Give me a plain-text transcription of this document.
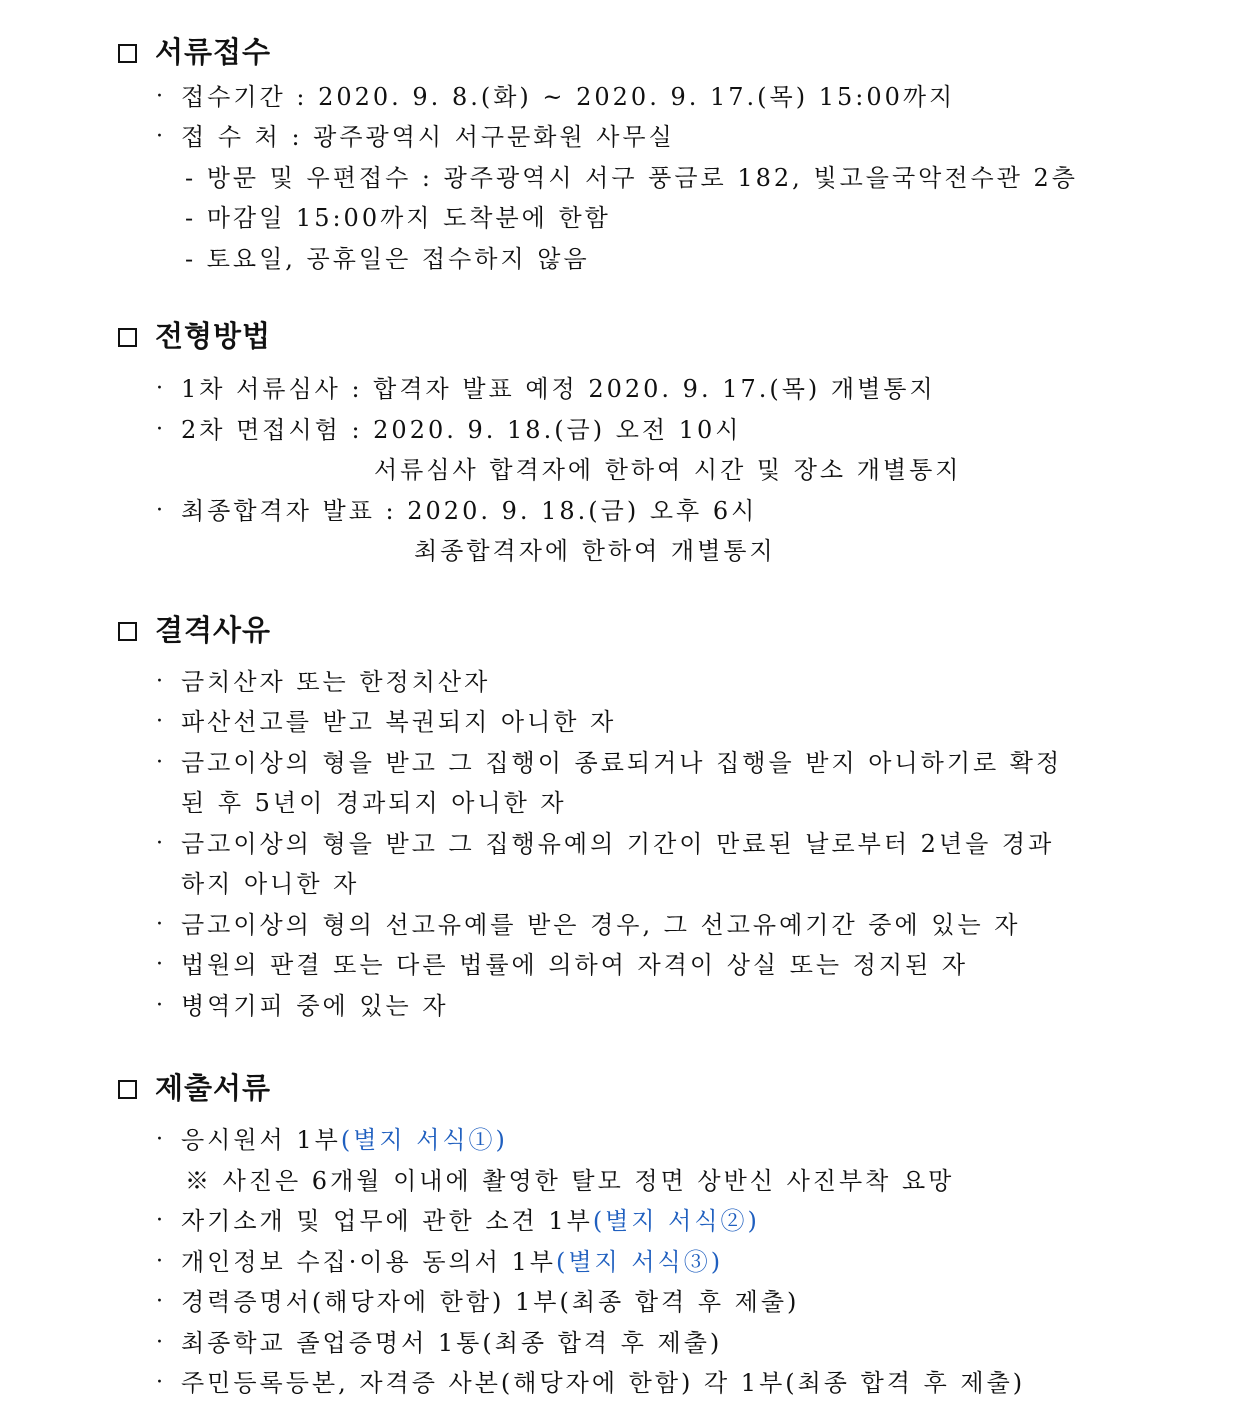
서류접수
· 접수기간 : 2020. 9. 8.(화) ~ 2020. 9. 17.(목) 15:00까지
· 접 수 처 : 광주광역시 서구문화원 사무실
- 방문 및 우편접수 : 광주광역시 서구 풍금로 182, 빛고을국악전수관 2층
- 마감일 15:00까지 도착분에 한함
- 토요일, 공휴일은 접수하지 않음
전형방법
· 1차 서류심사 : 합격자 발표 예정 2020. 9. 17.(목) 개별통지
· 2차 면접시험 : 2020. 9. 18.(금) 오전 10시
서류심사 합격자에 한하여 시간 및 장소 개별통지
· 최종합격자 발표 : 2020. 9. 18.(금) 오후 6시
최종합격자에 한하여 개별통지
결격사유
· 금치산자 또는 한정치산자
· 파산선고를 받고 복권되지 아니한 자
· 금고이상의 형을 받고 그 집행이 종료되거나 집행을 받지 아니하기로 확정
된 후 5년이 경과되지 아니한 자
· 금고이상의 형을 받고 그 집행유예의 기간이 만료된 날로부터 2년을 경과
하지 아니한 자
· 금고이상의 형의 선고유예를 받은 경우, 그 선고유예기간 중에 있는 자
· 법원의 판결 또는 다른 법률에 의하여 자격이 상실 또는 정지된 자
· 병역기피 중에 있는 자
제출서류
· 응시원서 1부(별지 서식①)
※ 사진은 6개월 이내에 촬영한 탈모 정면 상반신 사진부착 요망
· 자기소개 및 업무에 관한 소견 1부(별지 서식②)
· 개인정보 수집·이용 동의서 1부(별지 서식③)
· 경력증명서(해당자에 한함) 1부(최종 합격 후 제출)
· 최종학교 졸업증명서 1통(최종 합격 후 제출)
· 주민등록등본, 자격증 사본(해당자에 한함) 각 1부(최종 합격 후 제출)
